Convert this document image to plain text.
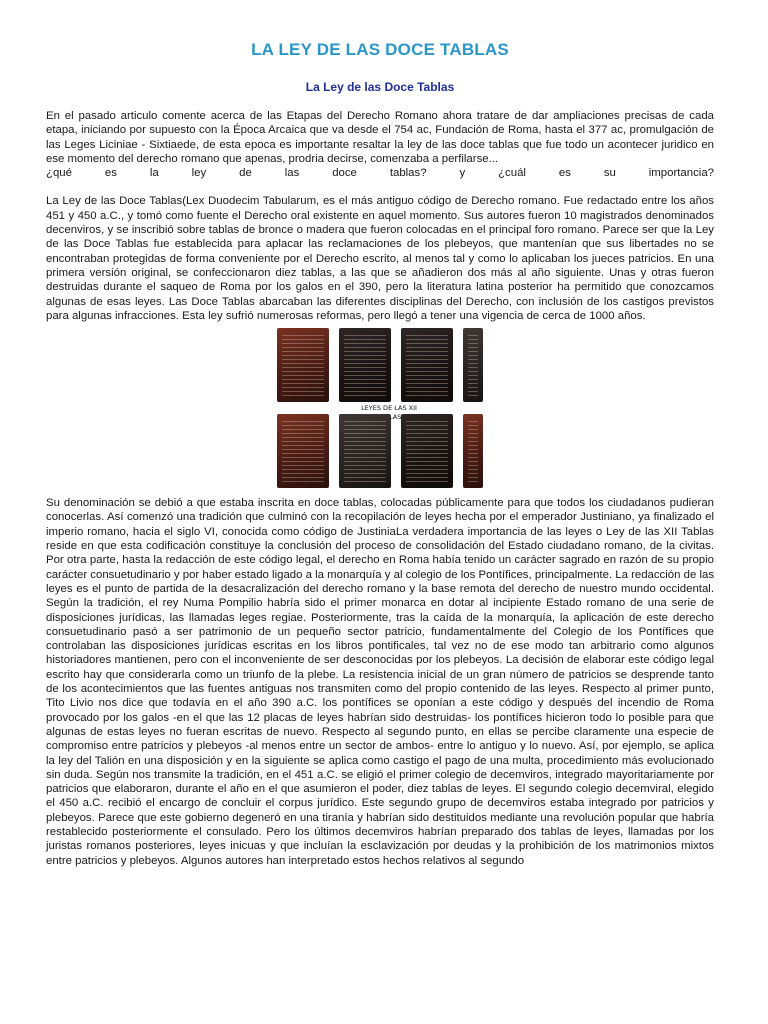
LA LEY DE LAS DOCE TABLAS
La Ley de las Doce Tablas

En el pasado articulo comente acerca de las Etapas del Derecho Romano ahora tratare de dar ampliaciones precisas de cada etapa, iniciando por supuesto con la Época Arcaica que va desde el 754 ac, Fundación de Roma, hasta el 377 ac, promulgación de las Leges Liciniae - Sixtiaede, de esta epoca es importante resaltar la ley de las doce tablas que fue todo un acontecer juridico en ese momento del derecho romano que apenas, prodria decirse, comenzaba a perfilarse...

¿qué es la ley de las doce tablas? y ¿cuál es su importancia?

La Ley de las Doce Tablas(Lex Duodecim Tabularum, es el más antiguo código de Derecho romano. Fue redactado entre los años 451 y 450 a.C., y tomó como fuente el Derecho oral existente en aquel momento. Sus autores fueron 10 magistrados denominados decenviros, y se inscribió sobre tablas de bronce o madera que fueron colocadas en el principal foro romano. Parece ser que la Ley de las Doce Tablas fue establecida para aplacar las reclamaciones de los plebeyos, que mantenían que sus libertades no se encontraban protegidas de forma conveniente por el Derecho escrito, al menos tal y como lo aplicaban los jueces patricios. En una primera versión original, se confeccionaron diez tablas, a las que se añadieron dos más al año siguiente. Unas y otras fueron destruidas durante el saqueo de Roma por los galos en el 390, pero la literatura latina posterior ha permitido que conozcamos algunas de esas leyes. Las Doce Tablas abarcaban las diferentes disciplinas del Derecho, con inclusión de los castigos previstos para algunas infracciones. Esta ley sufrió numerosas reformas, pero llegó a tener una vigencia de cerca de 1000 años.

LEYES DE LAS XII

Su denominación se debió a que estaba inscrita en doce tablas, colocadas públicamente para que todos los ciudadanos pudieran conocerlas. Así comenzó una tradición que culminó con la recopilación de leyes hecha por el emperador Justiniano, ya finalizado el imperio romano, hacia el siglo VI, conocida como código de JustiniaLa verdadera importancia de las leyes o Ley de las XII Tablas reside en que esta codificación constituye la conclusión del proceso de consolidación del Estado ciudadano romano, de la civitas. Por otra parte, hasta la redacción de este código legal, el derecho en Roma había tenido un carácter sagrado en razón de su propio carácter consuetudinario y por haber estado ligado a la monarquía y al colegio de los Pontífices, principalmente. La redacción de las leyes es el punto de partida de la desacralización del derecho romano y la base remota del derecho de nuestro mundo occidental. Según la tradición, el rey Numa Pompilio habría sido el primer monarca en dotar al incipiente Estado romano de una serie de disposiciones jurídicas, las llamadas leges regiae. Posteriormente, tras la caída de la monarquía, la aplicación de este derecho consuetudinario pasó a ser patrimonio de un pequeño sector patricio, fundamentalmente del Colegio de los Pontífices que controlaban las disposiciones jurídicas escritas en los libros pontificales, tal vez no de ese modo tan arbitrario como algunos historiadores mantienen, pero con el inconveniente de ser desconocidas por los plebeyos. La decisión de elaborar este código legal escrito hay que considerarla como un triunfo de la plebe. La resistencia inicial de un gran número de patricios se desprende tanto de los acontecimientos que las fuentes antiguas nos transmiten como del propio contenido de las leyes. Respecto al primer punto, Tito Livio nos dice que todavía en el año 390 a.C. los pontífices se oponían a este código y después del incendio de Roma provocado por los galos -en el que las 12 placas de leyes habrían sido destruidas- los pontífices hicieron todo lo posible para que algunas de estas leyes no fueran escritas de nuevo. Respecto al segundo punto, en ellas se percibe claramente una especie de compromiso entre patricios y plebeyos -al menos entre un sector de ambos- entre lo antiguo y lo nuevo. Así, por ejemplo, se aplica la ley del Talión en una disposición y en la siguiente se aplica como castigo el pago de una multa, procedimiento más evolucionado sin duda. Según nos transmite la tradición, en el 451 a.C. se eligió el primer colegio de decemviros, integrado mayoritariamente por patricios que elaboraron, durante el año en el que asumieron el poder, diez tablas de leyes. El segundo colegio decemviral, elegido el 450 a.C. recibió el encargo de concluir el corpus jurídico. Este segundo grupo de decemviros estaba integrado por patricios y plebeyos. Parece que este gobierno degeneró en una tiranía y habrían sido destituidos mediante una revolución popular que habría restablecido posteriormente el consulado. Pero los últimos decemviros habrían preparado dos tablas de leyes, llamadas por los juristas romanos posteriores, leyes inicuas y que incluían la esclavización por deudas y la prohibición de los matrimonios mixtos entre patricios y plebeyos. Algunos autores han interpretado estos hechos relativos al segundo
